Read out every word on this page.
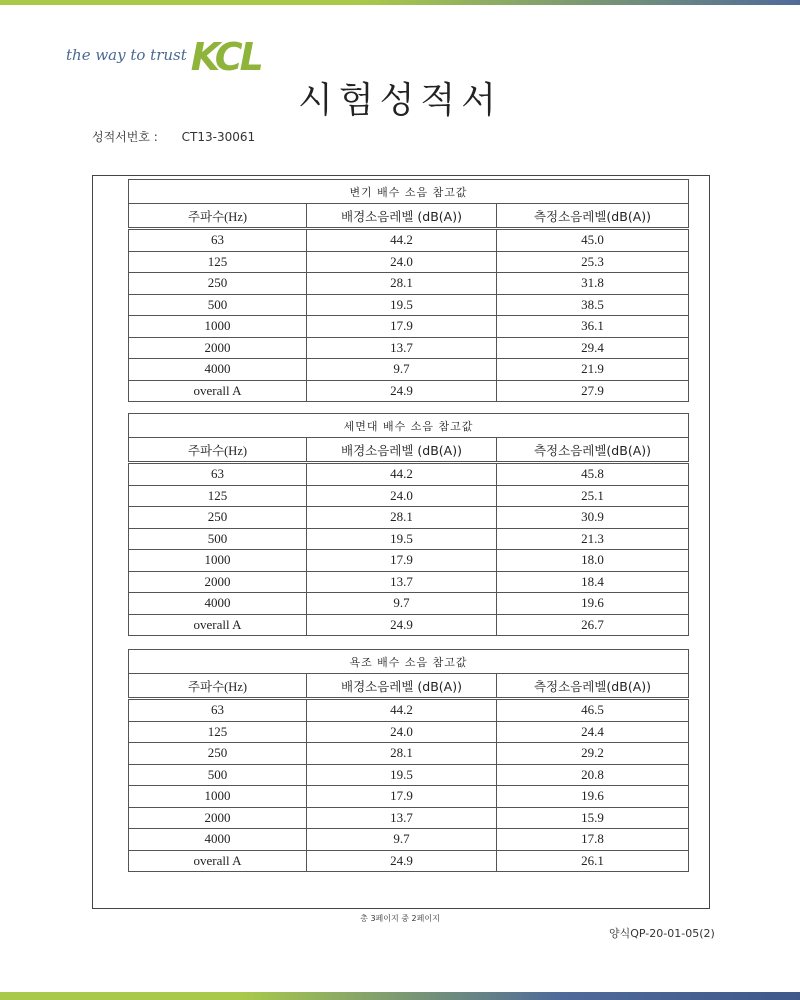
the way to trust KCL
시험성적서
성적서번호 : CT13-30061
변기 배수 소음 참고값		
주파수(Hz)	배경소음레벨 (dB(A))	측정소음레벨(dB(A))
63	44.2	45.0
125	24.0	25.3
250	28.1	31.8
500	19.5	38.5
1000	17.9	36.1
2000	13.7	29.4
4000	9.7	21.9
overall A	24.9	27.9
세면대 배수 소음 참고값		
주파수(Hz)	배경소음레벨 (dB(A))	측정소음레벨(dB(A))
63	44.2	45.8
125	24.0	25.1
250	28.1	30.9
500	19.5	21.3
1000	17.9	18.0
2000	13.7	18.4
4000	9.7	19.6
overall A	24.9	26.7
욕조 배수 소음 참고값		
주파수(Hz)	배경소음레벨 (dB(A))	측정소음레벨(dB(A))
63	44.2	46.5
125	24.0	24.4
250	28.1	29.2
500	19.5	20.8
1000	17.9	19.6
2000	13.7	15.9
4000	9.7	17.8
overall A	24.9	26.1
총 3페이지 중 2페이지
양식QP-20-01-05(2)
